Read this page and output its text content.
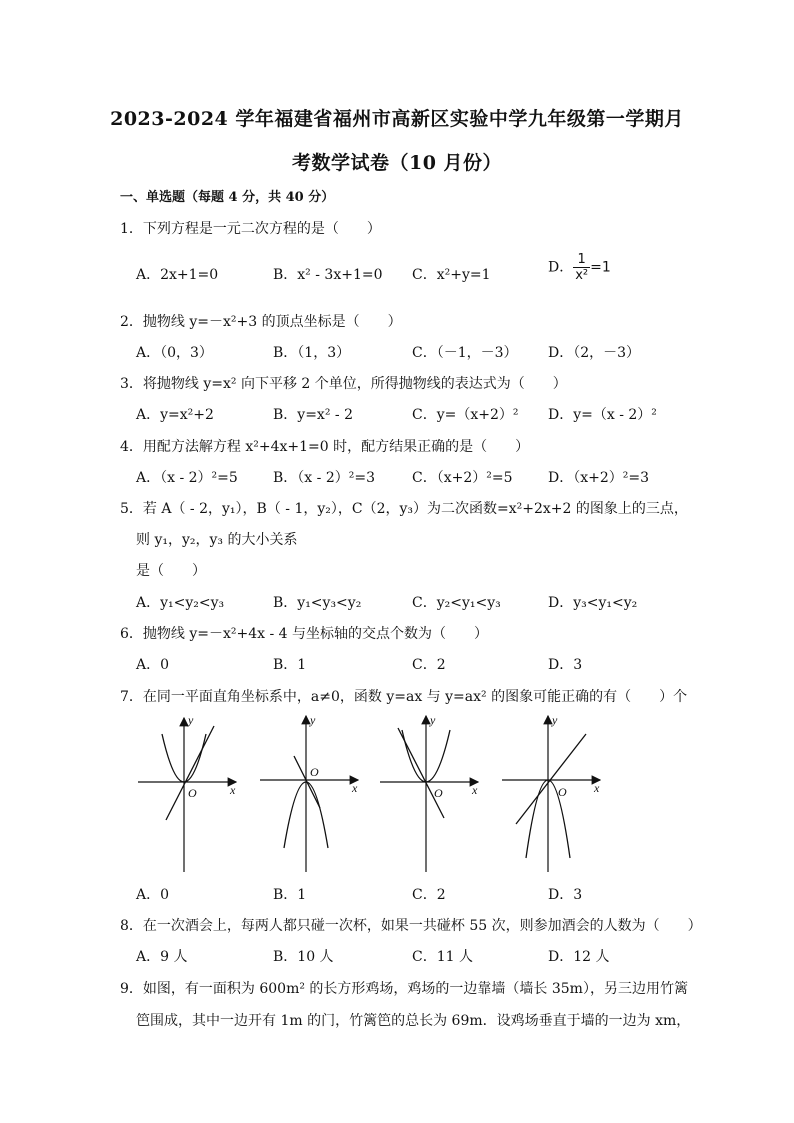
2023-2024 学年福建省福州市高新区实验中学九年级第一学期月
考数学试卷（10 月份）
一、单选题（每题 4 分，共 40 分）
1．下列方程是一元二次方程的是（　　）
A．2x+1=0	B．x² - 3x+1=0 C．x²+y=1	D． $\frac{1}{\text{x²}} =1$
2．抛物线 y=－x²+3 的顶点坐标是（　　）
A．（0，3）	B．（1，3）	C．（－1，－3） D．（2，－3）
3．将抛物线 y=x² 向下平移 2 个单位，所得抛物线的表达式为（　　）
A．y=x²+2	B．y=x² - 2	C．y=（x+2）² D．y=（x - 2）²
4．用配方法解方程 x²+4x+1=0 时，配方结果正确的是（　　）
A．（x - 2）²=5	B．（x - 2）²=3	C．（x+2）²=5	D．（x+2）²=3
5．若 A（ - 2，y₁），B（ - 1，y₂），C（2，y₃）为二次函数=x²+2x+2 的图象上的三点，
则 y₁，y₂，y₃ 的大小关系
是（　　）
A．y₁<y₂<y₃	B．y₁<y₃<y₂	C．y₂<y₁<y₃	D．y₃<y₁<y₂
6．抛物线 y=－x²+4x - 4 与坐标轴的交点个数为（　　）
A．0	B．1	C．2	D．3
7．在同一平面直角坐标系中，a≠0，函数 y=ax 与 y=ax² 的图象可能正确的有（　　）个
y
x
O
y
x
O
y
x
O
y
x
O
A．0	B．1	C．2	D．3
8．在一次酒会上，每两人都只碰一次杯，如果一共碰杯 55 次，则参加酒会的人数为（　　）
A．9 人	B．10 人	C．11 人	D．12 人
9．如图，有一面积为 600m² 的长方形鸡场，鸡场的一边靠墙（墙长 35m），另三边用竹篱
笆围成，其中一边开有 1m 的门，竹篱笆的总长为 69m．设鸡场垂直于墙的一边为 xm，
